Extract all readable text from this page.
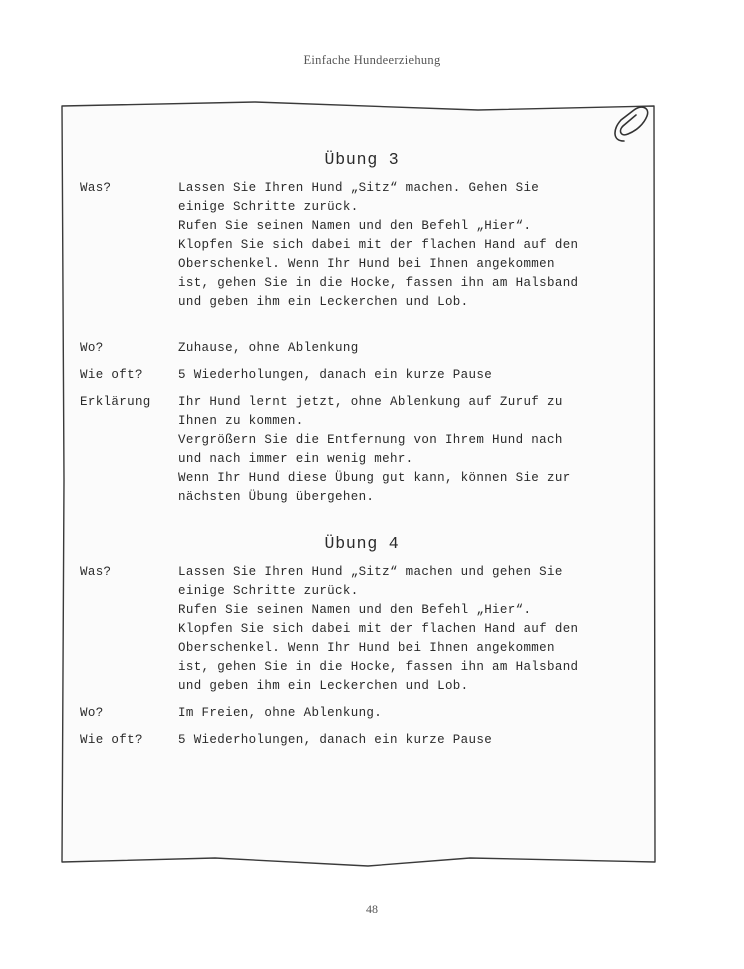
Einfache Hundeerziehung
Übung 3
Was?	Lassen Sie Ihren Hund „Sitz“ machen. Gehen Sie
einige Schritte zurück.
Rufen Sie seinen Namen und den Befehl „Hier“.
Klopfen Sie sich dabei mit der flachen Hand auf den
Oberschenkel. Wenn Ihr Hund bei Ihnen angekommen
ist, gehen Sie in die Hocke, fassen ihn am Halsband
und geben ihm ein Leckerchen und Lob.
Wo?	Zuhause, ohne Ablenkung
Wie oft?	5 Wiederholungen, danach ein kurze Pause
Erklärung	Ihr Hund lernt jetzt, ohne Ablenkung auf Zuruf zu
Ihnen zu kommen.
Vergrößern Sie die Entfernung von Ihrem Hund nach
und nach immer ein wenig mehr.
Wenn Ihr Hund diese Übung gut kann, können Sie zur
nächsten Übung übergehen.
Übung 4
Was?	Lassen Sie Ihren Hund „Sitz“ machen und gehen Sie
einige Schritte zurück.
Rufen Sie seinen Namen und den Befehl „Hier“.
Klopfen Sie sich dabei mit der flachen Hand auf den
Oberschenkel. Wenn Ihr Hund bei Ihnen angekommen
ist, gehen Sie in die Hocke, fassen ihn am Halsband
und geben ihm ein Leckerchen und Lob.
Wo?	Im Freien, ohne Ablenkung.
Wie oft?	5 Wiederholungen, danach ein kurze Pause
48
